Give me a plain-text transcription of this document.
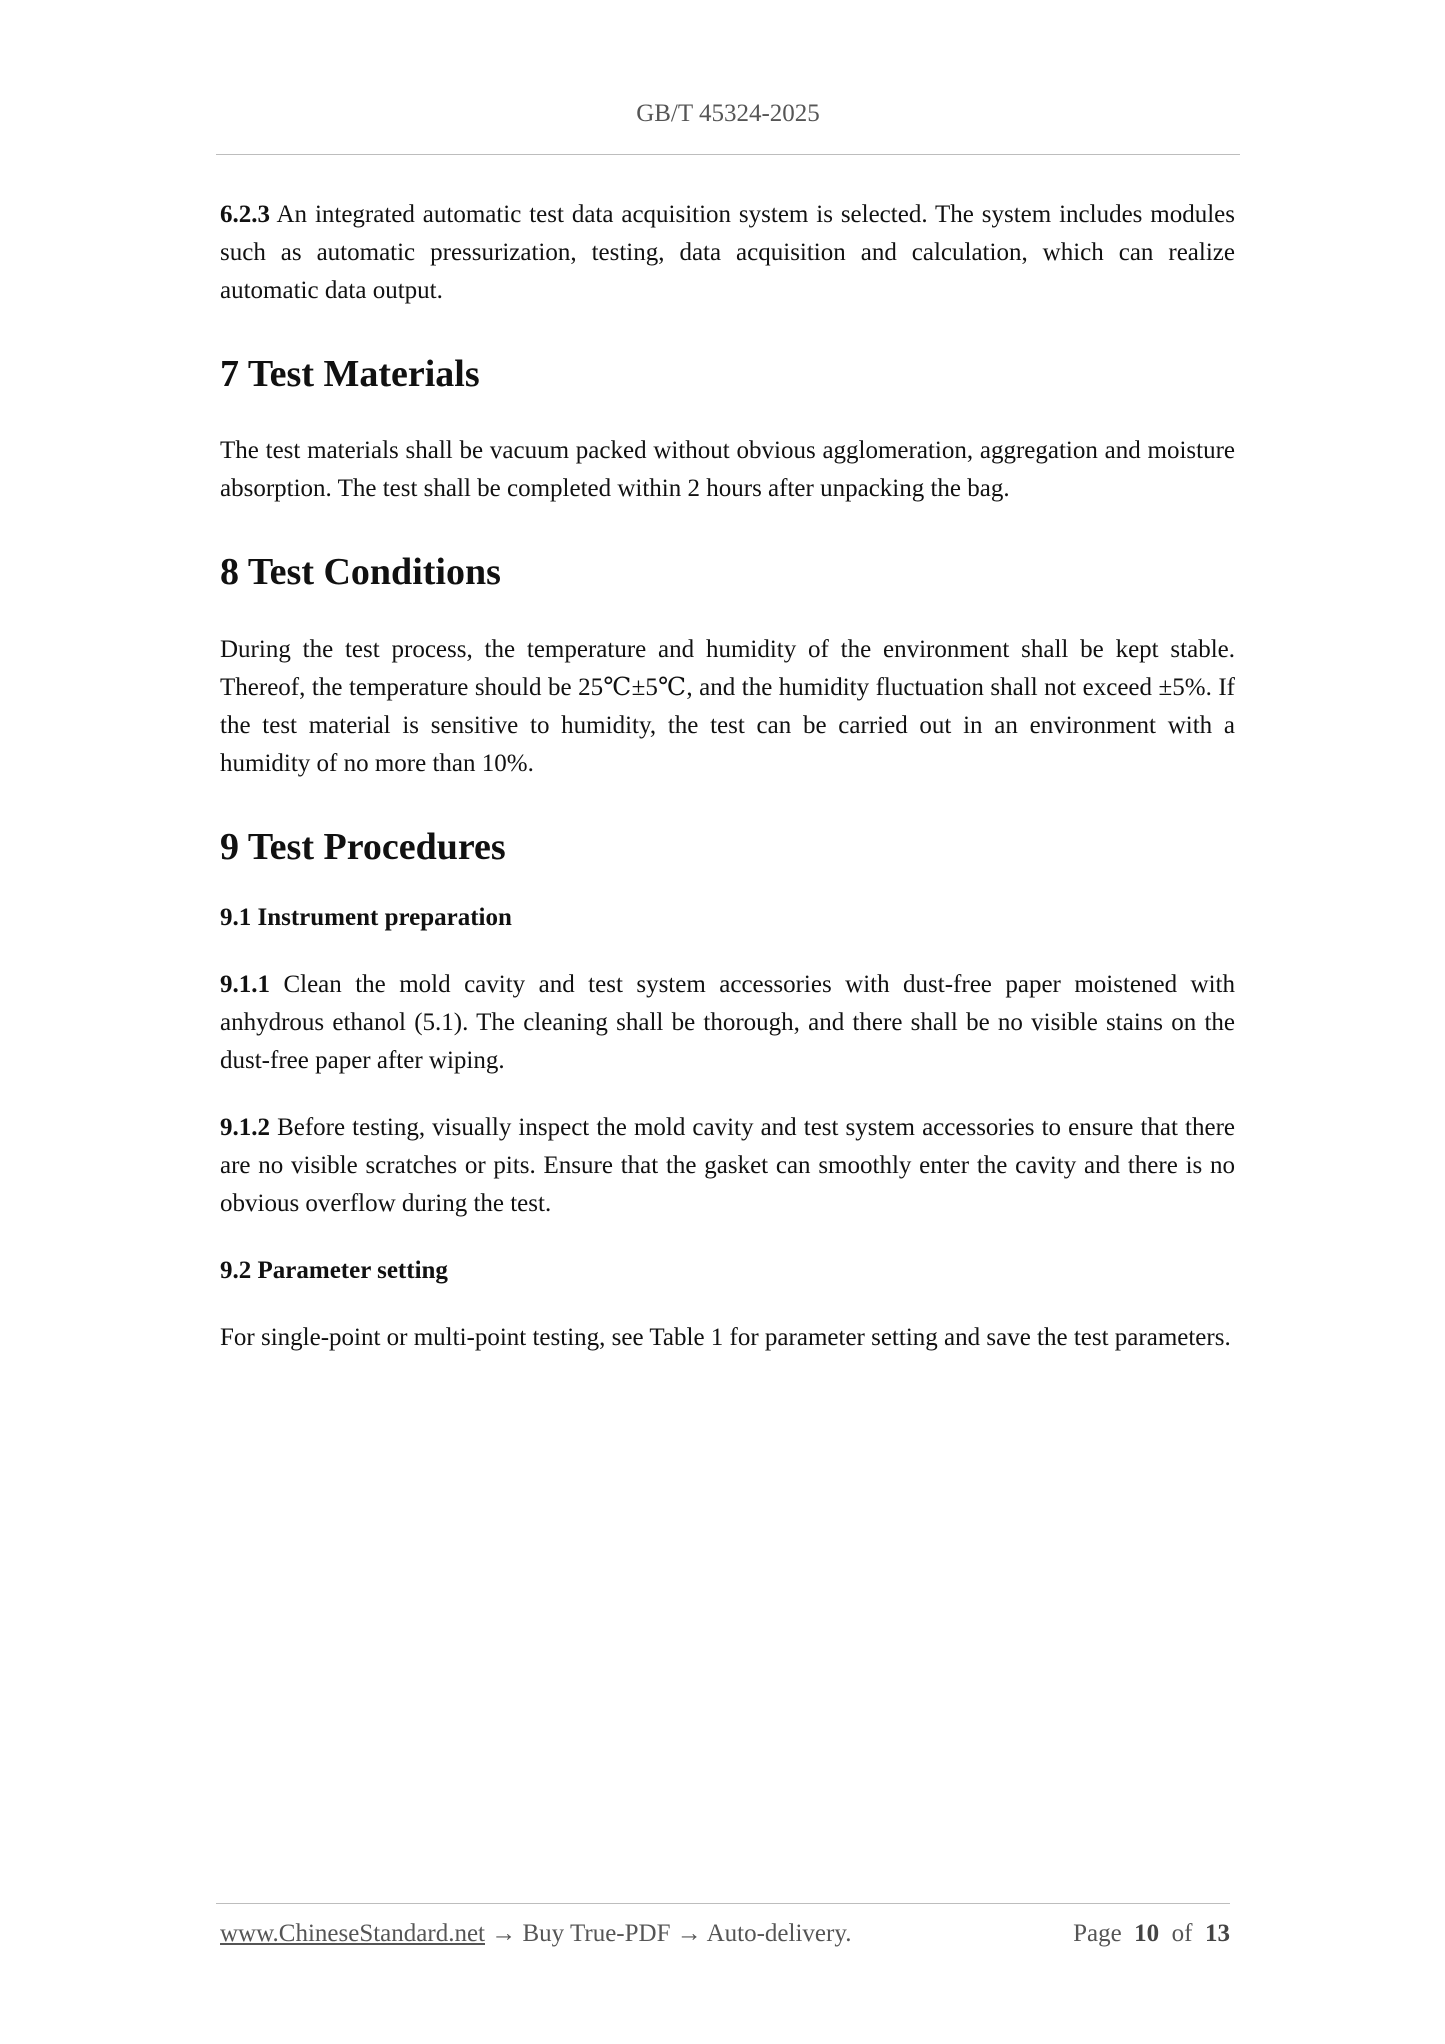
GB/T 45324-2025

6.2.3 An integrated automatic test data acquisition system is selected. The system includes modules such as automatic pressurization, testing, data acquisition and calculation, which can realize automatic data output.

7 Test Materials

The test materials shall be vacuum packed without obvious agglomeration, aggregation and moisture absorption. The test shall be completed within 2 hours after unpacking the bag.

8 Test Conditions

During the test process, the temperature and humidity of the environment shall be kept stable. Thereof, the temperature should be 25℃±5℃, and the humidity fluctuation shall not exceed ±5%. If the test material is sensitive to humidity, the test can be carried out in an environment with a humidity of no more than 10%.

9 Test Procedures
9.1 Instrument preparation

9.1.1 Clean the mold cavity and test system accessories with dust-free paper moistened with anhydrous ethanol (5.1). The cleaning shall be thorough, and there shall be no visible stains on the dust-free paper after wiping.

9.1.2 Before testing, visually inspect the mold cavity and test system accessories to ensure that there are no visible scratches or pits. Ensure that the gasket can smoothly enter the cavity and there is no obvious overflow during the test.

9.2 Parameter setting

For single-point or multi-point testing, see Table 1 for parameter setting and save the test parameters.

www.ChineseStandard.net → Buy True-PDF → Auto-delivery.	Page 10 of 13
